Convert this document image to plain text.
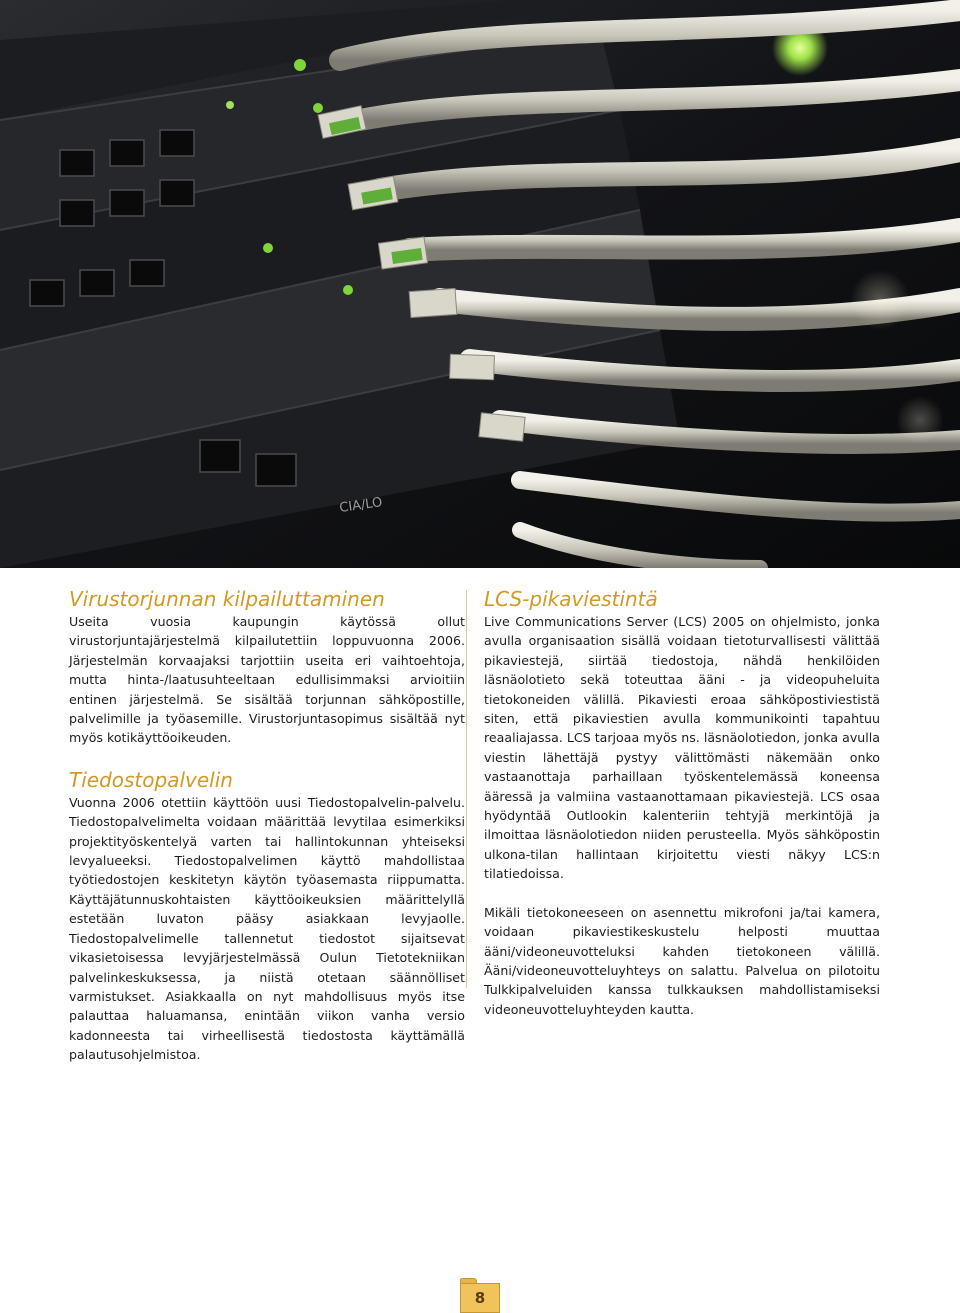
CIA/LO
Virustorjunnan kilpailuttaminen

Useita vuosia kaupungin käytössä ollut virustorjuntajärjestelmä kilpailutettiin loppuvuonna 2006. Järjestelmän korvaajaksi tarjottiin useita eri vaihtoehtoja, mutta hinta-/laatusuhteeltaan edullisimmaksi arvioitiin entinen järjestelmä. Se sisältää torjunnan sähköpostille, palvelimille ja työasemille. Virustorjuntasopimus sisältää nyt myös kotikäyttöoikeuden.

Tiedostopalvelin

Vuonna 2006 otettiin käyttöön uusi Tiedostopalvelin-palvelu. Tiedostopalvelimelta voidaan määrittää levytilaa esimerkiksi projektityöskentelyä varten tai hallintokunnan yhteiseksi levyalueeksi. Tiedostopalvelimen käyttö mahdollistaa työtiedostojen keskitetyn käytön työasemasta riippumatta. Käyttäjätunnuskohtaisten käyttöoikeuksien määrittelyllä estetään luvaton pääsy asiakkaan levyjaolle. Tiedostopalvelimelle tallennetut tiedostot sijaitsevat vikasietoisessa levyjärjestelmässä Oulun Tietotekniikan palvelinkeskuksessa, ja niistä otetaan säännölliset varmistukset. Asiakkaalla on nyt mahdollisuus myös itse palauttaa haluamansa, enintään viikon vanha versio kadonneesta tai virheellisestä tiedostosta käyttämällä palautusohjelmistoa.

LCS-pikaviestintä

Live Communications Server (LCS) 2005 on ohjelmisto, jonka avulla organisaation sisällä voidaan tietoturvallisesti välittää pikaviestejä, siirtää tiedostoja, nähdä henkilöiden läsnäolotieto sekä toteuttaa ääni - ja videopuheluita tietokoneiden välillä. Pikaviesti eroaa sähköpostiviestistä siten, että pikaviestien avulla kommunikointi tapahtuu reaaliajassa. LCS tarjoaa myös ns. läsnäolotiedon, jonka avulla viestin lähettäjä pystyy välittömästi näkemään onko vastaanottaja parhaillaan työskentelemässä koneensa ääressä ja valmiina vastaanottamaan pikaviestejä. LCS osaa hyödyntää Outlookin kalenteriin tehtyjä merkintöjä ja ilmoittaa läsnäolotiedon niiden perusteella. Myös sähköpostin ulkona-tilan hallintaan kirjoitettu viesti näkyy LCS:n tilatiedoissa.

Mikäli tietokoneeseen on asennettu mikrofoni ja/tai kamera, voidaan pikaviestikeskustelu helposti muuttaa ääni/videoneuvotteluksi kahden tietokoneen välillä. Ääni/videoneuvotteluyhteys on salattu. Palvelua on pilotoitu Tulkkipalveluiden kanssa tulkkauksen mahdollistamiseksi videoneuvotteluyhteyden kautta.

8
